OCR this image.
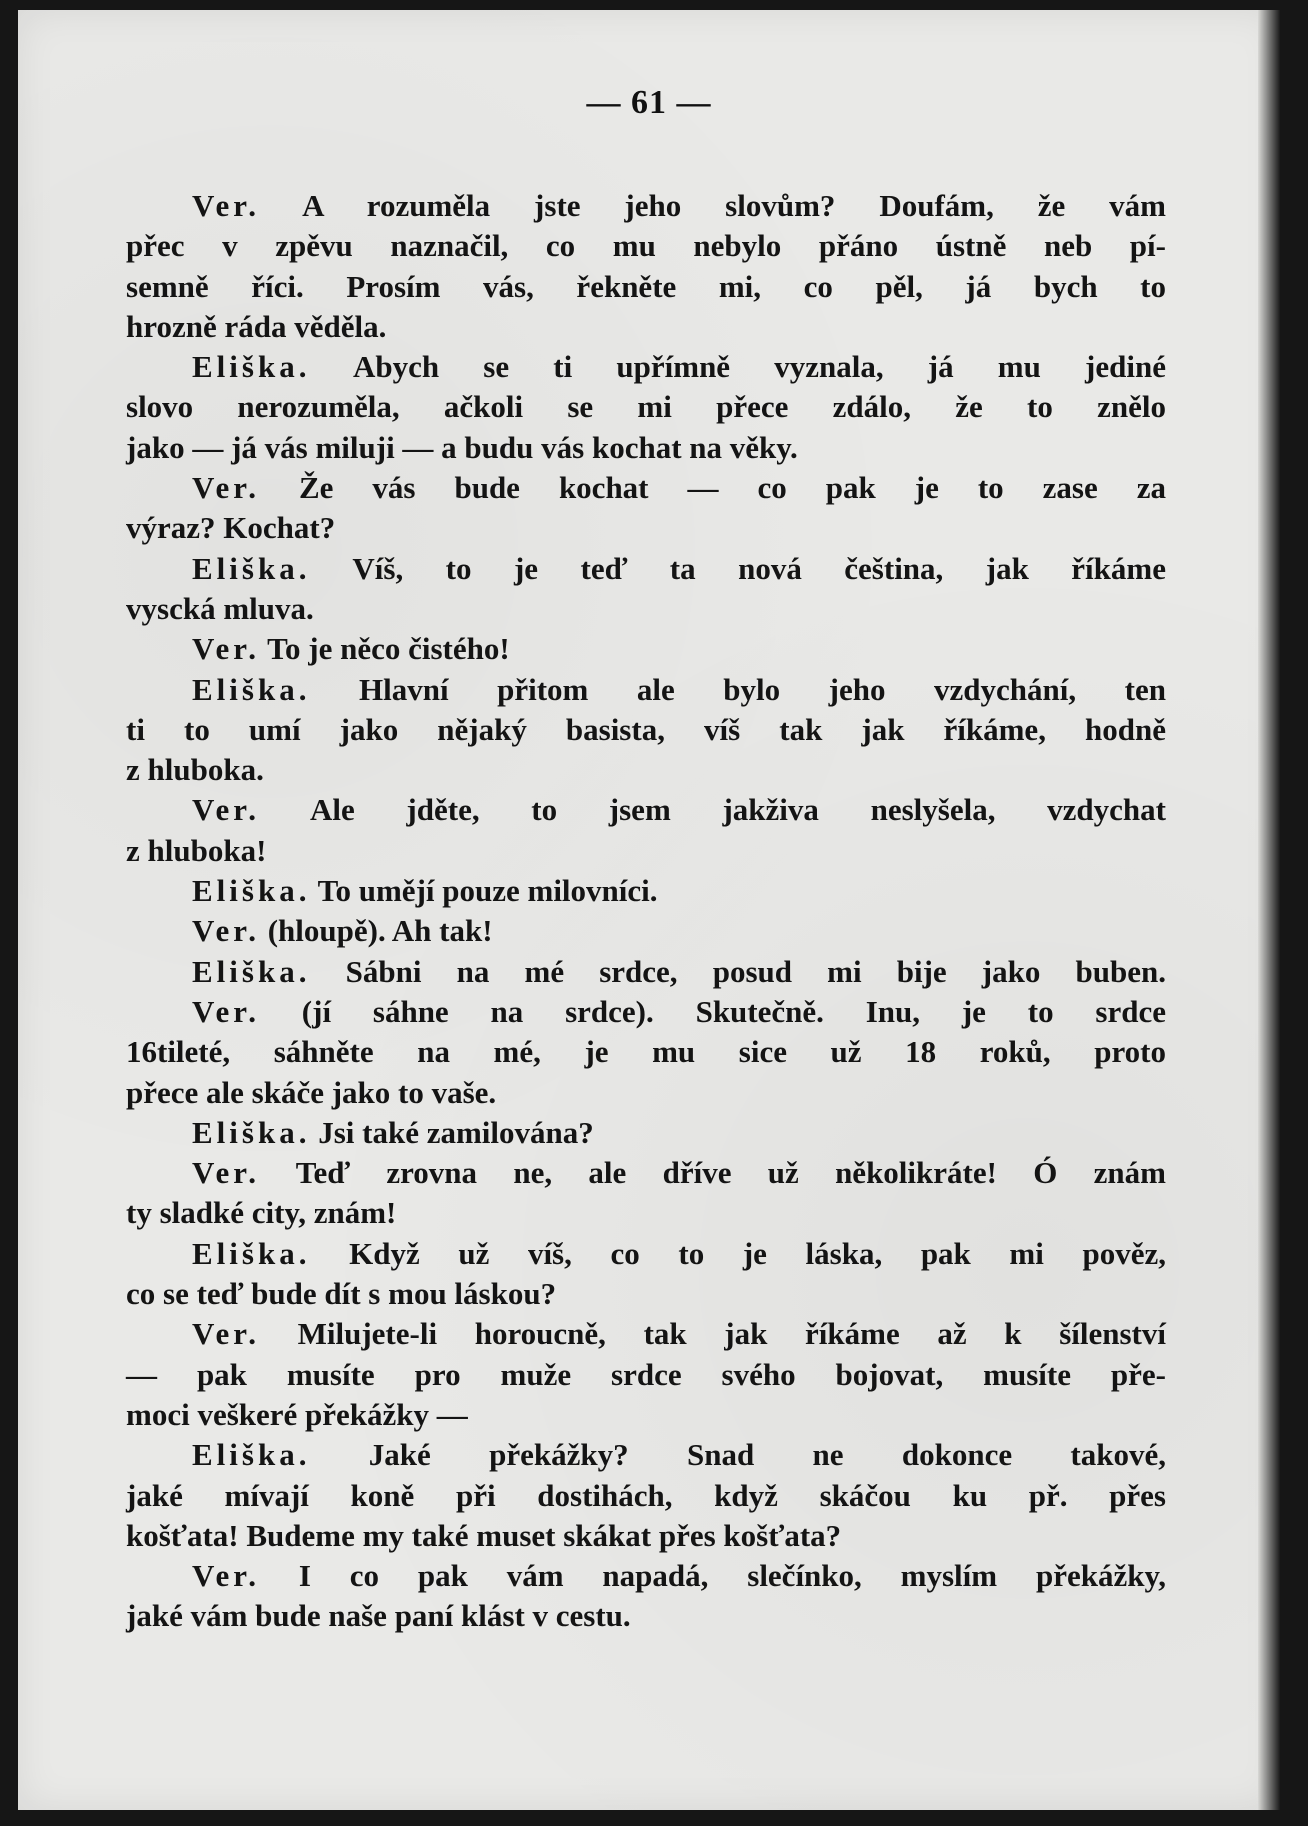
— 61 —
Ver. A rozuměla jste jeho slovům? Doufám, že vám
přec v zpěvu naznačil, co mu nebylo přáno ústně neb pí-
semně říci. Prosím vás, řekněte mi, co pěl, já bych to
hrozně ráda věděla.
Eliška. Abych se ti upřímně vyznala, já mu jediné
slovo nerozuměla, ačkoli se mi přece zdálo, že to znělo
jako — já vás miluji — a budu vás kochat na věky.
Ver. Že vás bude kochat — co pak je to zase za
výraz? Kochat?
Eliška. Víš, to je teď ta nová čeština, jak říkáme
vyscká mluva.
Ver. To je něco čistého!
Eliška. Hlavní přitom ale bylo jeho vzdychání, ten
ti to umí jako nějaký basista, víš tak jak říkáme, hodně
z hluboka.
Ver. Ale jděte, to jsem jakživa neslyšela, vzdychat
z hluboka!
Eliška. To umějí pouze milovníci.
Ver. (hloupě). Ah tak!
Eliška. Sábni na mé srdce, posud mi bije jako buben.
Ver. (jí sáhne na srdce). Skutečně. Inu, je to srdce
16tileté, sáhněte na mé, je mu sice už 18 roků, proto
přece ale skáče jako to vaše.
Eliška. Jsi také zamilována?
Ver. Teď zrovna ne, ale dříve už několikráte! Ó znám
ty sladké city, znám!
Eliška. Když už víš, co to je láska, pak mi pověz,
co se teď bude dít s mou láskou?
Ver. Milujete-li horoucně, tak jak říkáme až k šílenství
— pak musíte pro muže srdce svého bojovat, musíte pře-
moci veškeré překážky —
Eliška. Jaké překážky? Snad ne dokonce takové,
jaké mívají koně při dostihách, když skáčou ku př. přes
košťata! Budeme my také muset skákat přes košťata?
Ver. I co pak vám napadá, slečínko, myslím překážky,
jaké vám bude naše paní klást v cestu.
